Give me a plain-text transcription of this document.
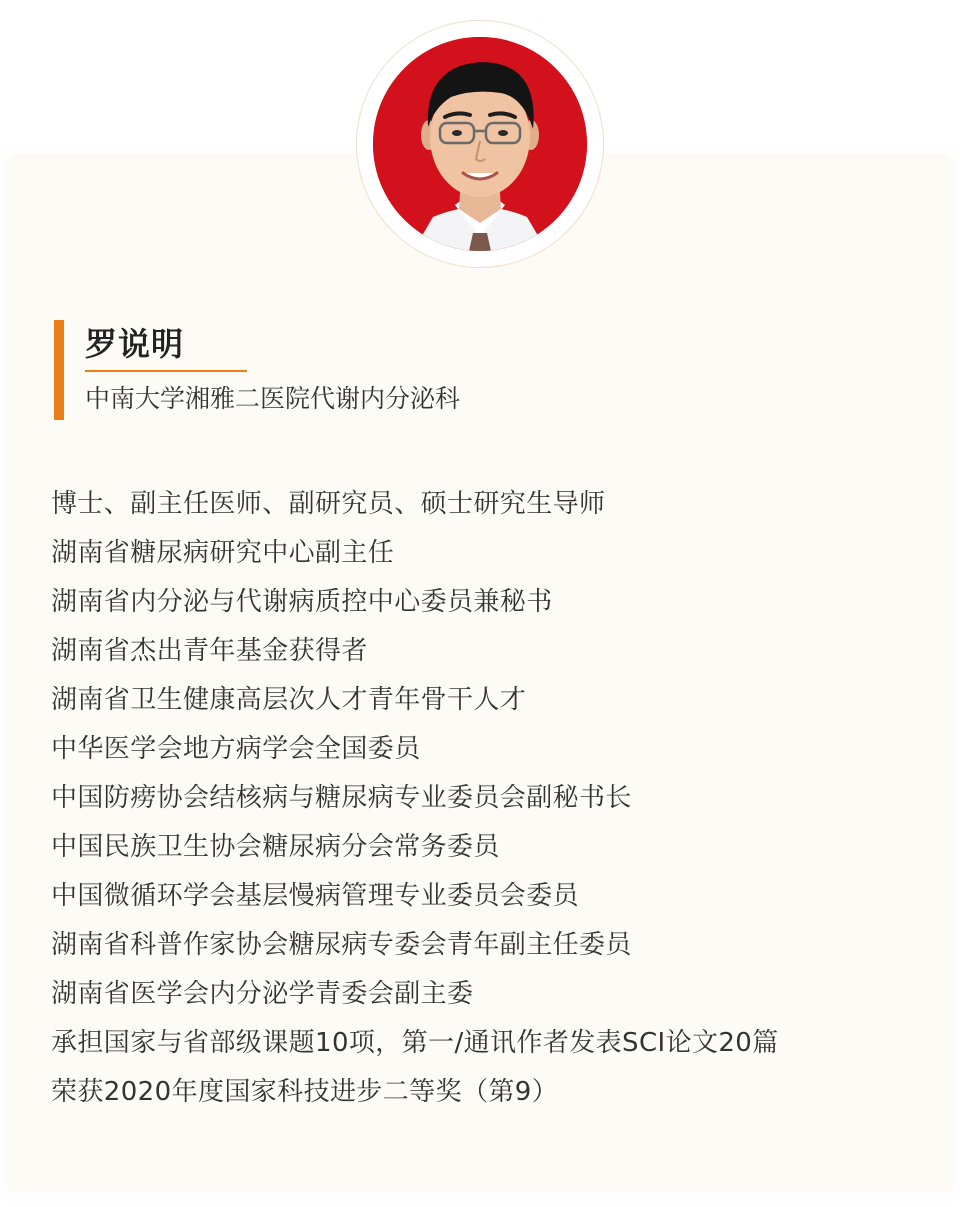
罗说明
中南大学湘雅二医院代谢内分泌科
博士、副主任医师、副研究员、硕士研究生导师
湖南省糖尿病研究中心副主任
湖南省内分泌与代谢病质控中心委员兼秘书
湖南省杰出青年基金获得者
湖南省卫生健康高层次人才青年骨干人才
中华医学会地方病学会全国委员
中国防痨协会结核病与糖尿病专业委员会副秘书长
中国民族卫生协会糖尿病分会常务委员
中国微循环学会基层慢病管理专业委员会委员
湖南省科普作家协会糖尿病专委会青年副主任委员
湖南省医学会内分泌学青委会副主委
承担国家与省部级课题10项，第一/通讯作者发表SCI论文20篇
荣获2020年度国家科技进步二等奖（第9）
